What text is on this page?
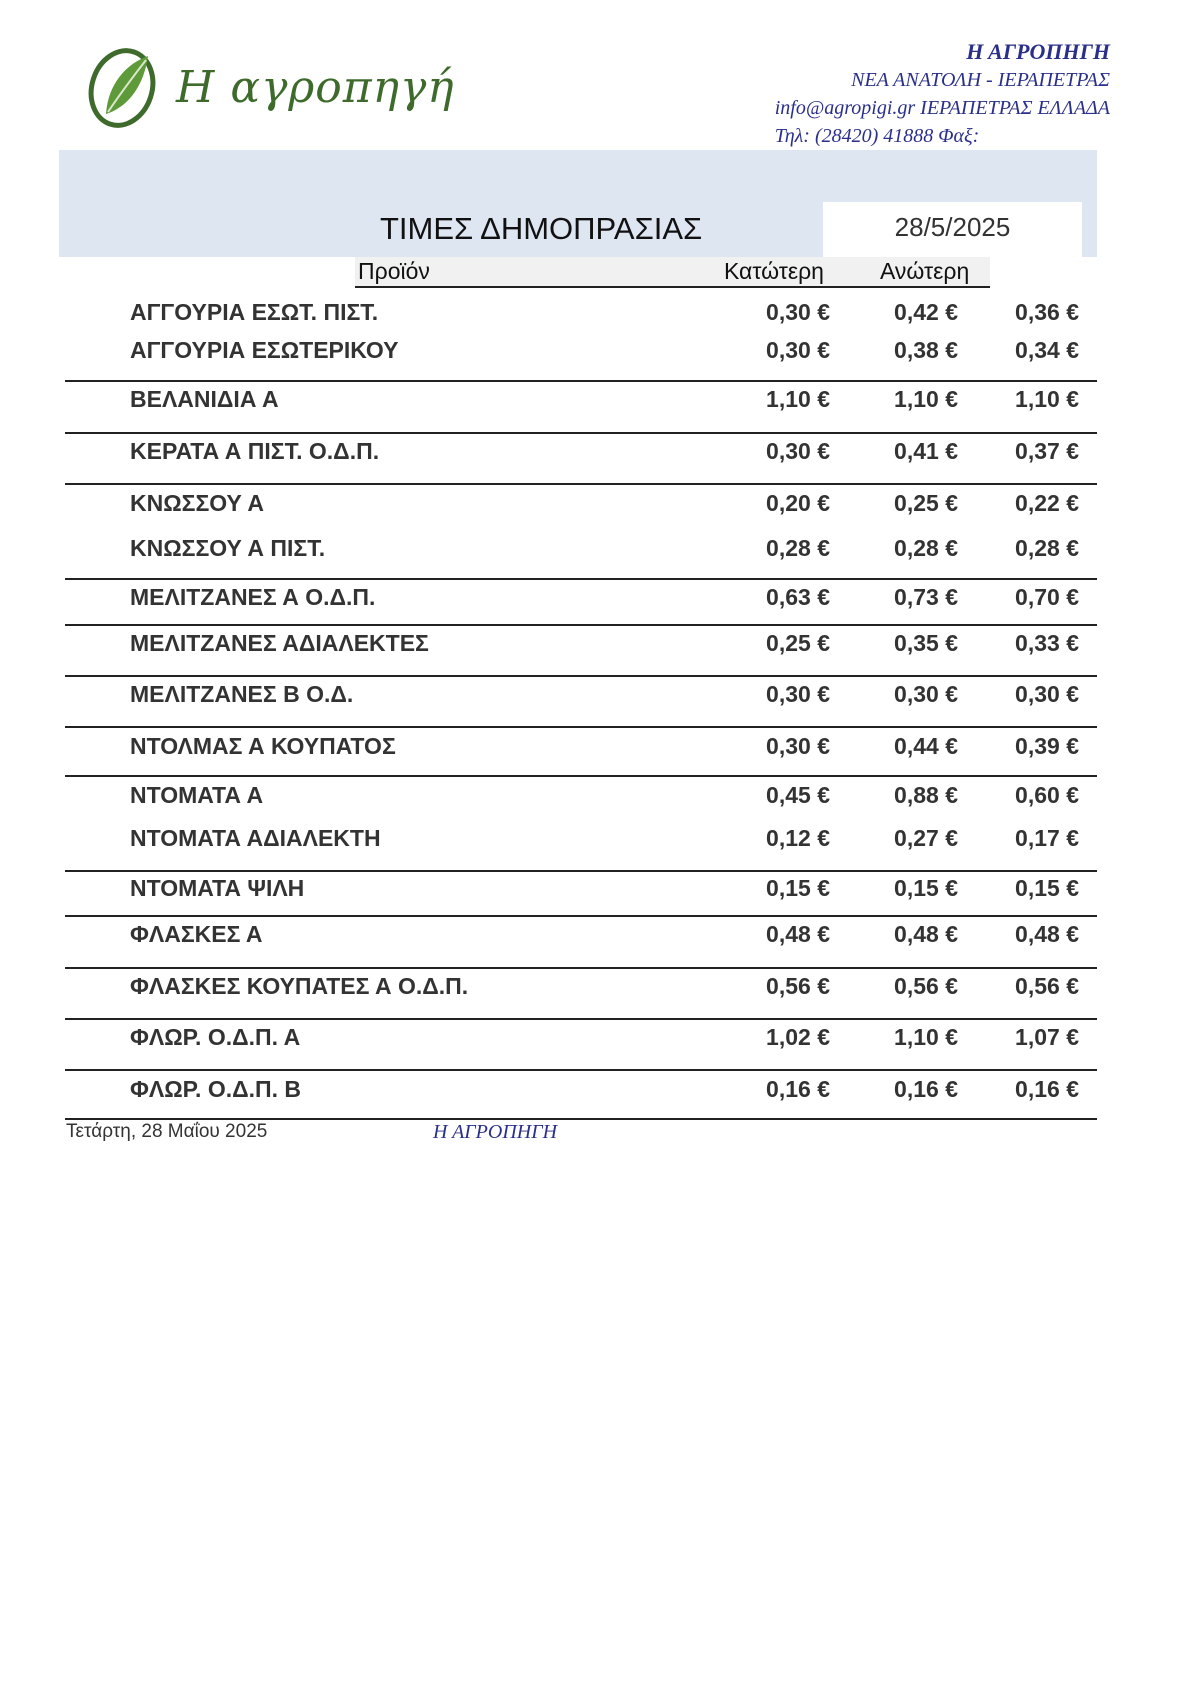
Η αγροπηγή
Η ΑΓΡΟΠΗΓΗ
ΝΕΑ ΑΝΑΤΟΛΗ - ΙΕΡΑΠΕΤΡΑΣ
info@agropigi.gr ΙΕΡΑΠΕΤΡΑΣ ΕΛΛΑΔΑ
Τηλ: (28420) 41888 Φαξ:
28/5/2025
ΤΙΜΕΣ ΔΗΜΟΠΡΑΣΙΑΣ
Προϊόν	Κατώτερη Ανώτερη
ΑΓΓΟΥΡΙΑ ΕΣΩΤ. ΠΙΣΤ.	0,30 €	0,42 € 0,36 €
ΑΓΓΟΥΡΙΑ ΕΣΩΤΕΡΙΚΟΥ	0,30 €	0,38 € 0,34 €
ΒΕΛΑΝΙΔΙΑ Α	1,10 €	1,10 € 1,10 €
ΚΕΡΑΤΑ Α ΠΙΣΤ. Ο.Δ.Π.	0,30 €	0,41 € 0,37 €
ΚΝΩΣΣΟΥ Α	0,20 €	0,25 € 0,22 €
ΚΝΩΣΣΟΥ Α ΠΙΣΤ.	0,28 €	0,28 € 0,28 €
ΜΕΛΙΤΖΑΝΕΣ Α Ο.Δ.Π.	0,63 €	0,73 € 0,70 €
ΜΕΛΙΤΖΑΝΕΣ ΑΔΙΑΛΕΚΤΕΣ	0,25 €	0,35 € 0,33 €
ΜΕΛΙΤΖΑΝΕΣ Β Ο.Δ.	0,30 €	0,30 € 0,30 €
ΝΤΟΛΜΑΣ Α ΚΟΥΠΑΤΟΣ	0,30 €	0,44 € 0,39 €
ΝΤΟΜΑΤΑ Α	0,45 €	0,88 € 0,60 €
ΝΤΟΜΑΤΑ ΑΔΙΑΛΕΚΤΗ	0,12 €	0,27 € 0,17 €
ΝΤΟΜΑΤΑ ΨΙΛΗ	0,15 €	0,15 € 0,15 €
ΦΛΑΣΚΕΣ Α	0,48 €	0,48 € 0,48 €
ΦΛΑΣΚΕΣ ΚΟΥΠΑΤΕΣ Α Ο.Δ.Π.	0,56 €	0,56 € 0,56 €
ΦΛΩΡ. Ο.Δ.Π. Α	1,02 €	1,10 € 1,07 €
ΦΛΩΡ. Ο.Δ.Π. Β	0,16 €	0,16 € 0,16 €
Τετάρτη, 28 Μαΐου 2025	Η ΑΓΡΟΠΗΓΗ
